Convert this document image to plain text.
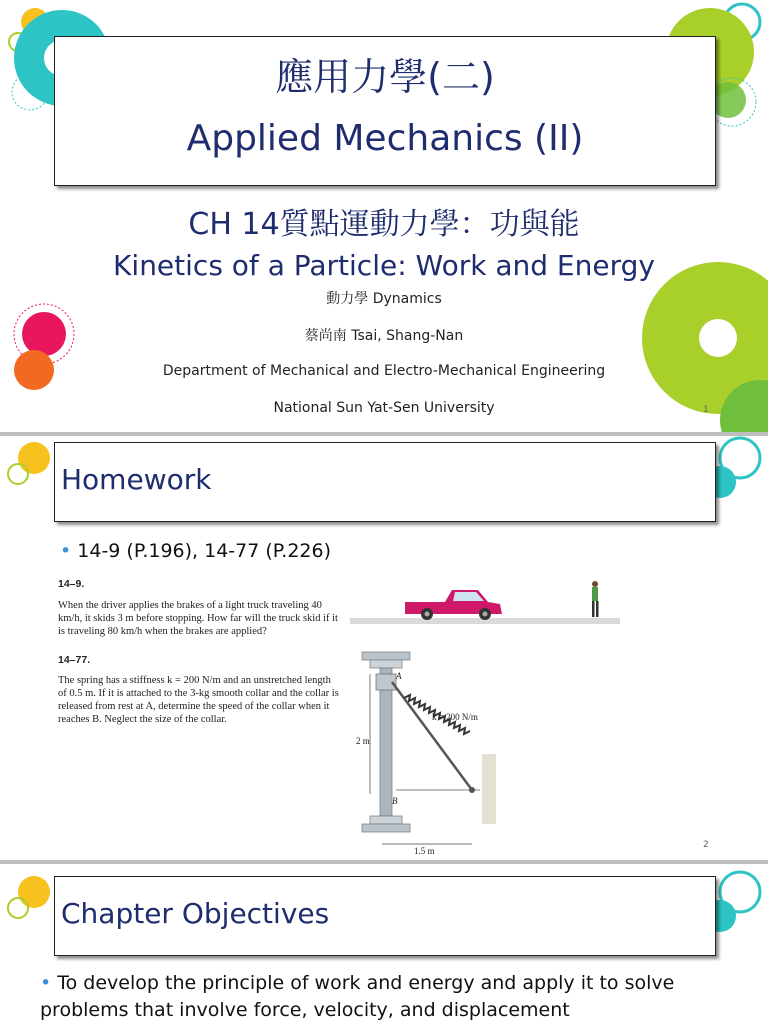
應用力學(二)
Applied Mechanics (II)
CH 14質點運動力學：功與能
Kinetics of a Particle: Work and Energy
動力學 Dynamics
蔡尚南 Tsai, Shang-Nan
Department of Mechanical and Electro-Mechanical Engineering
National Sun Yat-Sen University	1
Homework
• 14-9 (P.196), 14-77 (P.226)
14–9.
When the driver applies the brakes of a light truck traveling 40 km/h, it skids 3 m before stopping. How far will the truck skid if it is traveling 80 km/h when the brakes are applied?
14–77.
The spring has a stiffness k = 200 N/m and an unstretched length of 0.5 m. If it is attached to the 3-kg smooth collar and the collar is released from rest at A, determine the speed of the collar when it reaches B. Neglect the size of the collar.
A
B
k = 200 N/m
2 m
1.5 m
2
Chapter Objectives
• To develop the principle of work and energy and apply it to solve problems that involve force, velocity, and displacement
